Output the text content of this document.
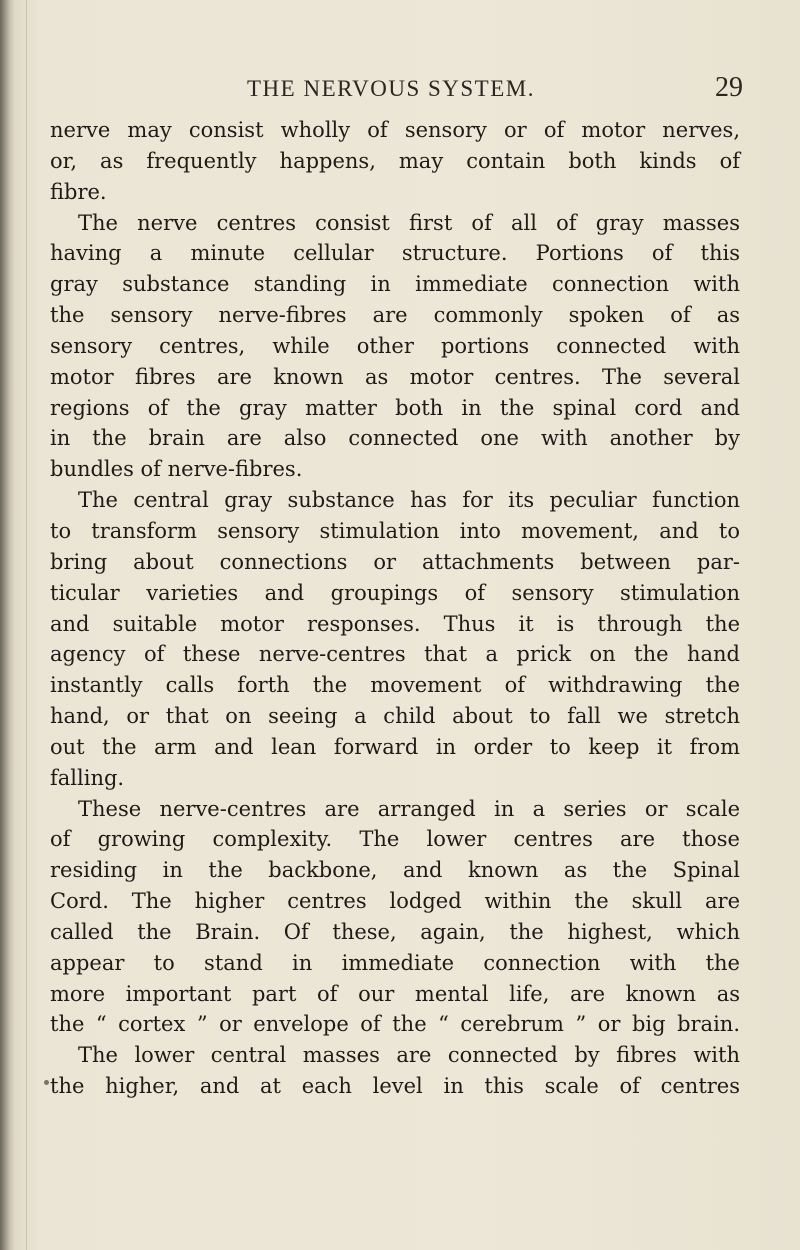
THE NERVOUS SYSTEM.	29
nerve may consist wholly of sensory or of motor nerves,
or, as frequently happens, may contain both kinds of
fibre.
The nerve centres consist first of all of gray masses
having a minute cellular structure. Portions of this
gray substance standing in immediate connection with
the sensory nerve-fibres are commonly spoken of as
sensory centres, while other portions connected with
motor fibres are known as motor centres. The several
regions of the gray matter both in the spinal cord and
in the brain are also connected one with another by
bundles of nerve-fibres.
The central gray substance has for its peculiar function
to transform sensory stimulation into movement, and to
bring about connections or attachments between par-
ticular varieties and groupings of sensory stimulation
and suitable motor responses. Thus it is through the
agency of these nerve-centres that a prick on the hand
instantly calls forth the movement of withdrawing the
hand, or that on seeing a child about to fall we stretch
out the arm and lean forward in order to keep it from
falling.
These nerve-centres are arranged in a series or scale
of growing complexity. The lower centres are those
residing in the backbone, and known as the Spinal
Cord. The higher centres lodged within the skull are
called the Brain. Of these, again, the highest, which
appear to stand in immediate connection with the
more important part of our mental life, are known as
the “ cortex ” or envelope of the “ cerebrum ” or big brain.
The lower central masses are connected by fibres with
the higher, and at each level in this scale of centres
